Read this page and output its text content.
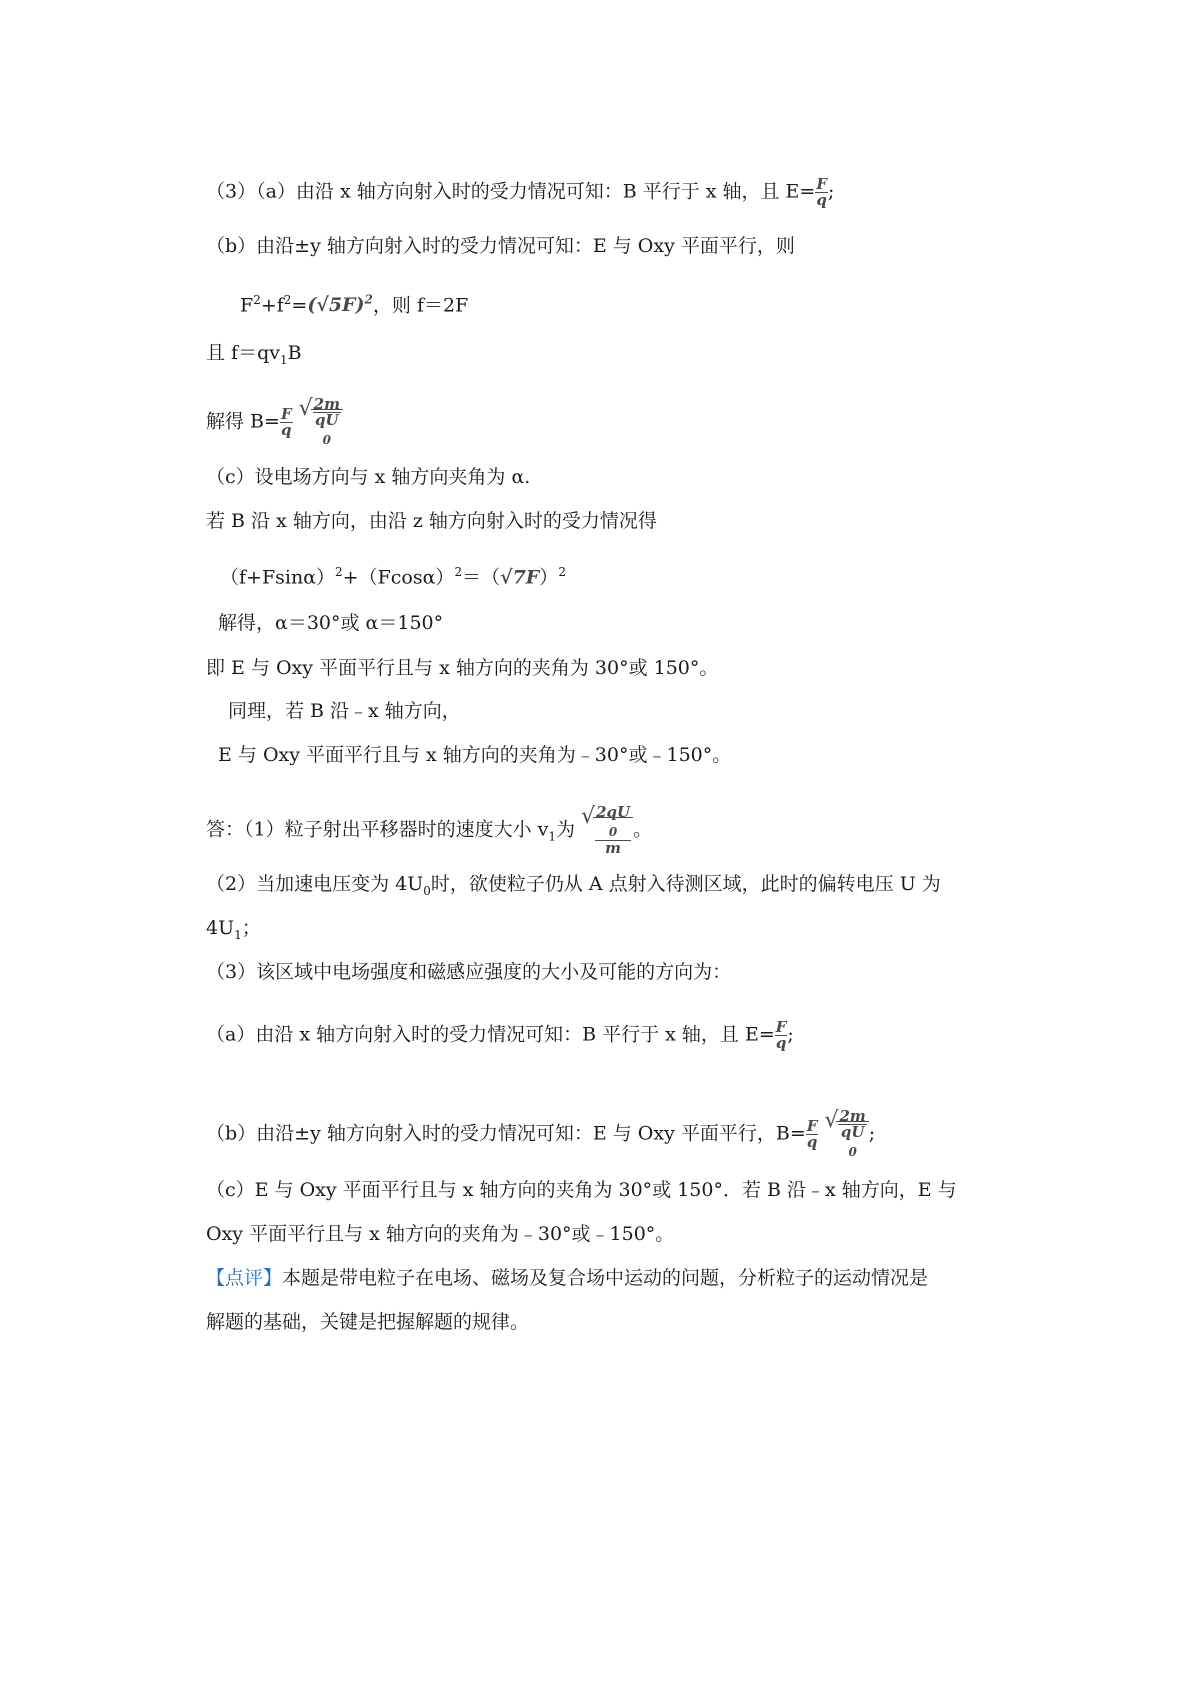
（3）（a）由沿 x 轴方向射入时的受力情况可知：B 平行于 x 轴，且 $E= \frac{F}{q}$ ;
（b）由沿±y 轴方向射入时的受力情况可知：E 与 Oxy 平面平行，则
$F^2+f^2=(√5F)^2$，则 f＝2F
且 $f=qv_1B$
解得 $B= \frac{F}{q}$
√ 2m
qU
$_0$
（c）设电场方向与 x 轴方向夹角为 α.
若 B 沿 x 轴方向，由沿 z 轴方向射入时的受力情况得
$(f+Fsin\alpha)^2+(Fcos\alpha)^2=(√7F)^2$
解得，α＝30°或 α＝150°
即 E 与 Oxy 平面平行且与 x 轴方向的夹角为 30°或 150°。
同理，若 B 沿﹣x 轴方向，
E 与 Oxy 平面平行且与 x 轴方向的夹角为﹣30°或﹣150°。
答：（1）粒子射出平移器时的速度大小 $v_1$为
√ 2qU
$_0$
m 。
（2）当加速电压变为 $4U_0$时，欲使粒子仍从 A 点射入待测区域，此时的偏转电压 U 为
$4U_1$；
（3）该区域中电场强度和磁感应强度的大小及可能的方向为：
（a）由沿 x 轴方向射入时的受力情况可知：B 平行于 x 轴，且 $E= \frac{F}{q}$ ;
（b）由沿±y 轴方向射入时的受力情况可知：E 与 Oxy 平面平行，$B= \frac{F}{q}$
√ 2m
qU
$_0$ ;
（c）E 与 Oxy 平面平行且与 x 轴方向的夹角为 30°或 150°．若 B 沿﹣x 轴方向，E 与
Oxy 平面平行且与 x 轴方向的夹角为﹣30°或﹣150°。
【点评】本题是带电粒子在电场、磁场及复合场中运动的问题，分析粒子的运动情况是
解题的基础，关键是把握解题的规律。
